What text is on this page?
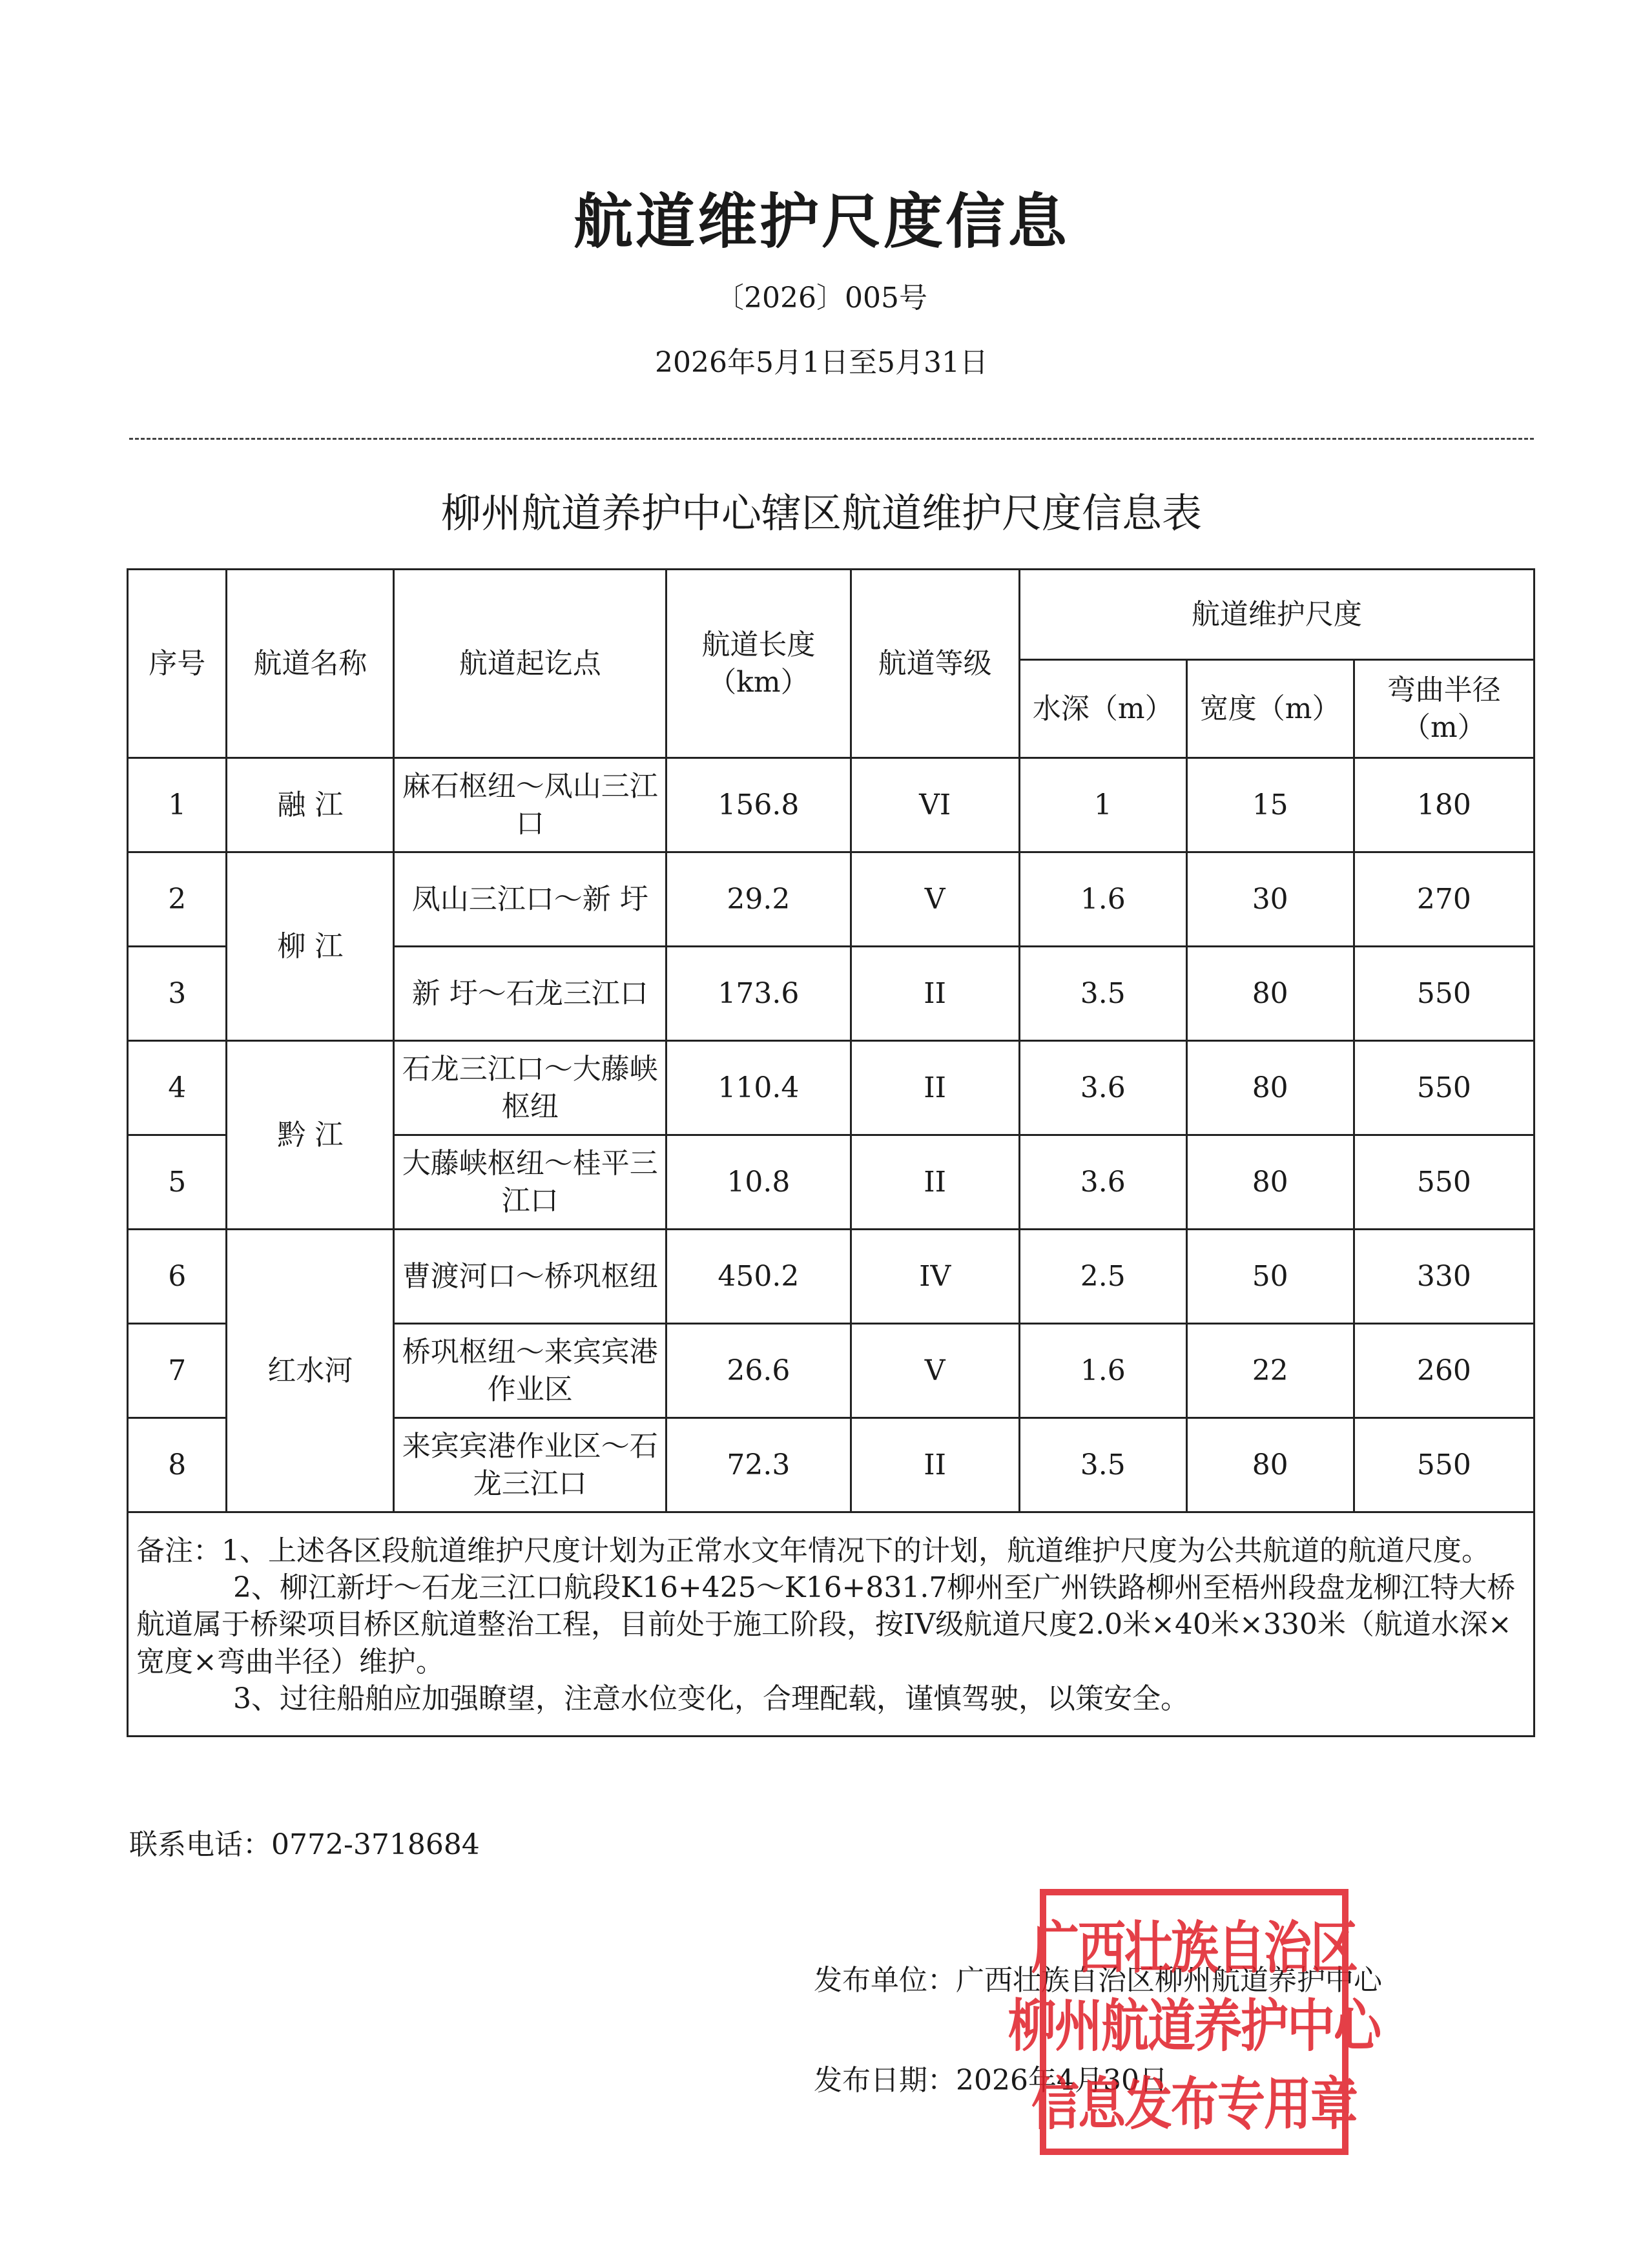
航道维护尺度信息
〔2026〕005号
2026年5月1日至5月31日
柳州航道养护中心辖区航道维护尺度信息表
序号	航道名称	航道起讫点	航道长度（km）	航道等级	航道维护尺度		
					水深（m）	宽度（m）	弯曲半径（m）
1	融 江	麻石枢纽～凤山三江口	156.8	VI	1	15	180
2	柳 江	凤山三江口～新 圩	29.2	V	1.6	30	270
3		新 圩～石龙三江口	173.6	II	3.5	80	550
4	黔 江	石龙三江口～大藤峡枢纽	110.4	II	3.6	80	550
5		大藤峡枢纽～桂平三江口	10.8	II	3.6	80	550
6	红水河	曹渡河口～桥巩枢纽	450.2	IV	2.5	50	330
7		桥巩枢纽～来宾宾港作业区	26.6	V	1.6	22	260
8		来宾宾港作业区～石龙三江口	72.3	II	3.5	80	550

备注：1、上述各区段航道维护尺度计划为正常水文年情况下的计划，航道维护尺度为公共航道的航道尺度。
2、柳江新圩～石龙三江口航段K16+425～K16+831.7柳州至广州铁路柳州至梧州段盘龙柳江特大桥航道属于桥梁项目桥区航道整治工程，目前处于施工阶段，按IV级航道尺度2.0米×40米×330米（航道水深×宽度×弯曲半径）维护。
3、过往船舶应加强瞭望，注意水位变化，合理配载，谨慎驾驶，以策安全。							
联系电话：0772-3718684
发布单位：广西壮族自治区柳州航道养护中心
发布日期：2026年4月30日
广西壮族自治区
柳州航道养护中心
信息发布专用章
